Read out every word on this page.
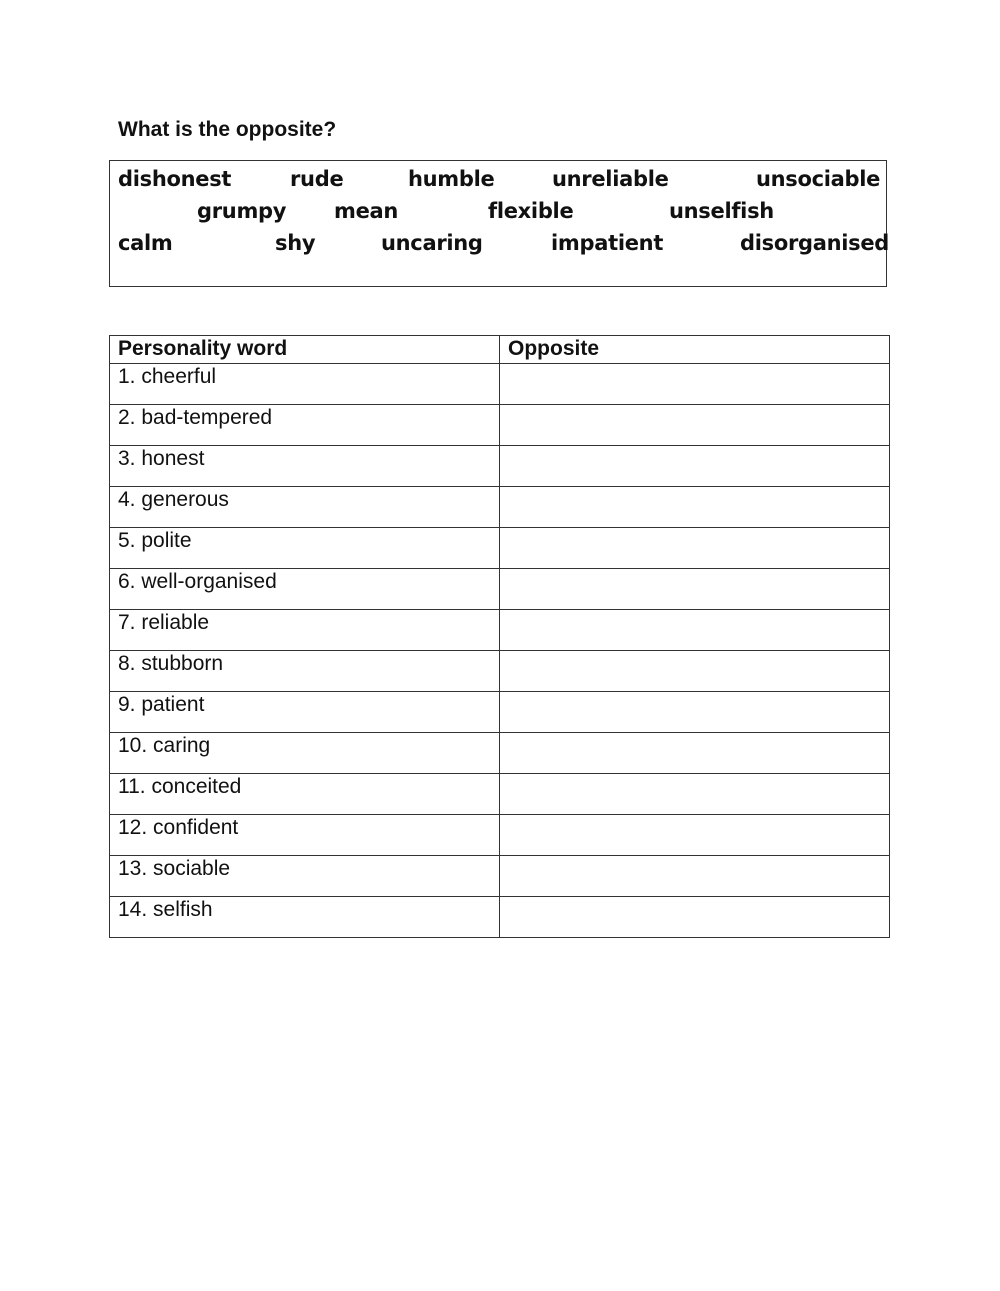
What is the opposite?
dishonest	rude	humble	unreliable	unsociable
grumpy mean	flexible	unselfish
calm	shy	uncaring	impatient	disorganised
Personality word	Opposite
1. cheerful	
2. bad-tempered	
3. honest	
4. generous	
5. polite	
6. well-organised	
7. reliable	
8. stubborn	
9. patient	
10. caring	
11. conceited	
12. confident	
13. sociable	
14. selfish	
